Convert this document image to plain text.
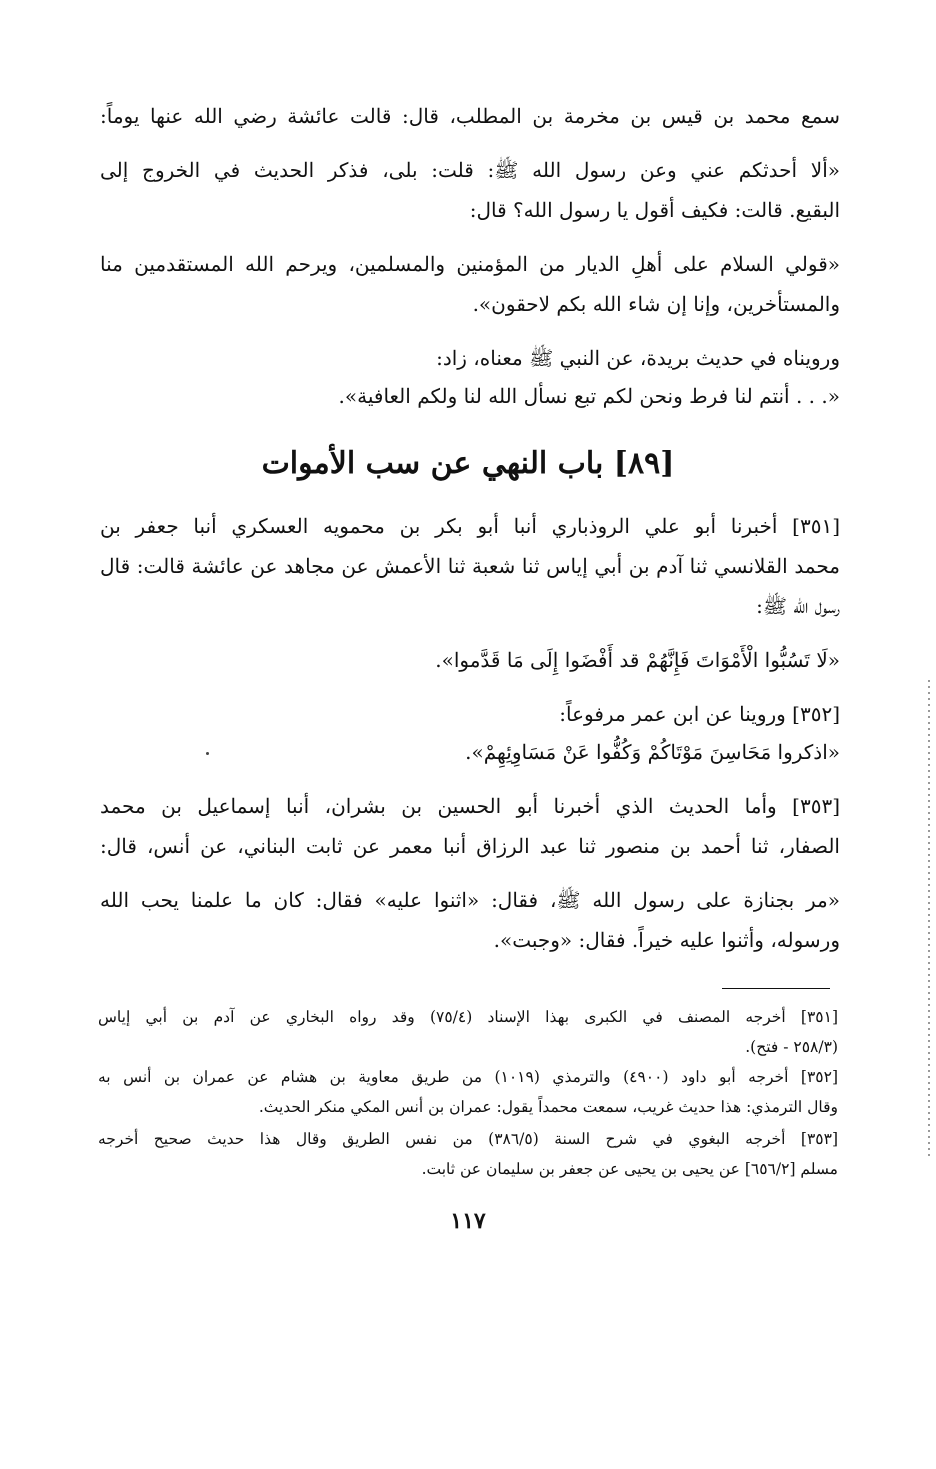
سمع محمد بن قيس بن مخرمة بن المطلب، قال: قالت عائشة رضي الله عنها يوماً:
«ألا أحدثكم عني وعن رسول الله ﷺ: قلت: بلى، فذكر الحديث في الخروج إلى
البقيع. قالت: فكيف أقول يا رسول الله؟ قال:
«قولي السلام على أهلِ الديار من المؤمنين والمسلمين، ويرحم الله المستقدمين منا
والمستأخرين، وإنا إن شاء الله بكم لاحقون».
ورويناه في حديث بريدة، عن النبي ﷺ معناه، زاد:
«. . . أنتم لنا فرط ونحن لكم تبع نسأل الله لنا ولكم العافية».
[٨٩] باب النهي عن سب الأموات
[٣٥١] أخبرنا أبو علي الروذباري أنبا أبو بكر بن محمويه العسكري أنبا جعفر بن
محمد القلانسي ثنا آدم بن أبي إياس ثنا شعبة ثنا الأعمش عن مجاهد عن عائشة قالت: قال
رسول الله ﷺ:
«لَا تَسُبُّوا الْأَمْوَاتَ فَإِنَّهُمْ قد أَفْضَوا إِلَى مَا قَدَّموا».
[٣٥٢] وروينا عن ابن عمر مرفوعاً:
«اذكروا مَحَاسِنَ مَوْتَاكُمْ وَكُفُّوا عَنْ مَسَاوِئِهِمْ».
[٣٥٣] وأما الحديث الذي أخبرنا أبو الحسين بن بشران، أنبا إسماعيل بن محمد
الصفار، ثنا أحمد بن منصور ثنا عبد الرزاق أنبا معمر عن ثابت البناني، عن أنس، قال:
«مر بجنازة على رسول الله ﷺ، فقال: «اثنوا عليه» فقال: كان ما علمنا يحب الله
ورسوله، وأثنوا عليه خيراً. فقال: «وجبت».
[٣٥١] أخرجه المصنف في الكبرى بهذا الإسناد (٧٥/٤) وقد رواه البخاري عن آدم بن أبي إياس
(٢٥٨/٣ - فتح).
[٣٥٢] أخرجه أبو داود (٤٩٠٠) والترمذي (١٠١٩) من طريق معاوية بن هشام عن عمران بن أنس به
وقال الترمذي: هذا حديث غريب، سمعت محمداً يقول: عمران بن أنس المكي منكر الحديث.
[٣٥٣] أخرجه البغوي في شرح السنة (٣٨٦/٥) من نفس الطريق وقال هذا حديث صحيح أخرجه
مسلم [٦٥٦/٢] عن يحيى بن يحيى عن جعفر بن سليمان عن ثابت.
١١٧
